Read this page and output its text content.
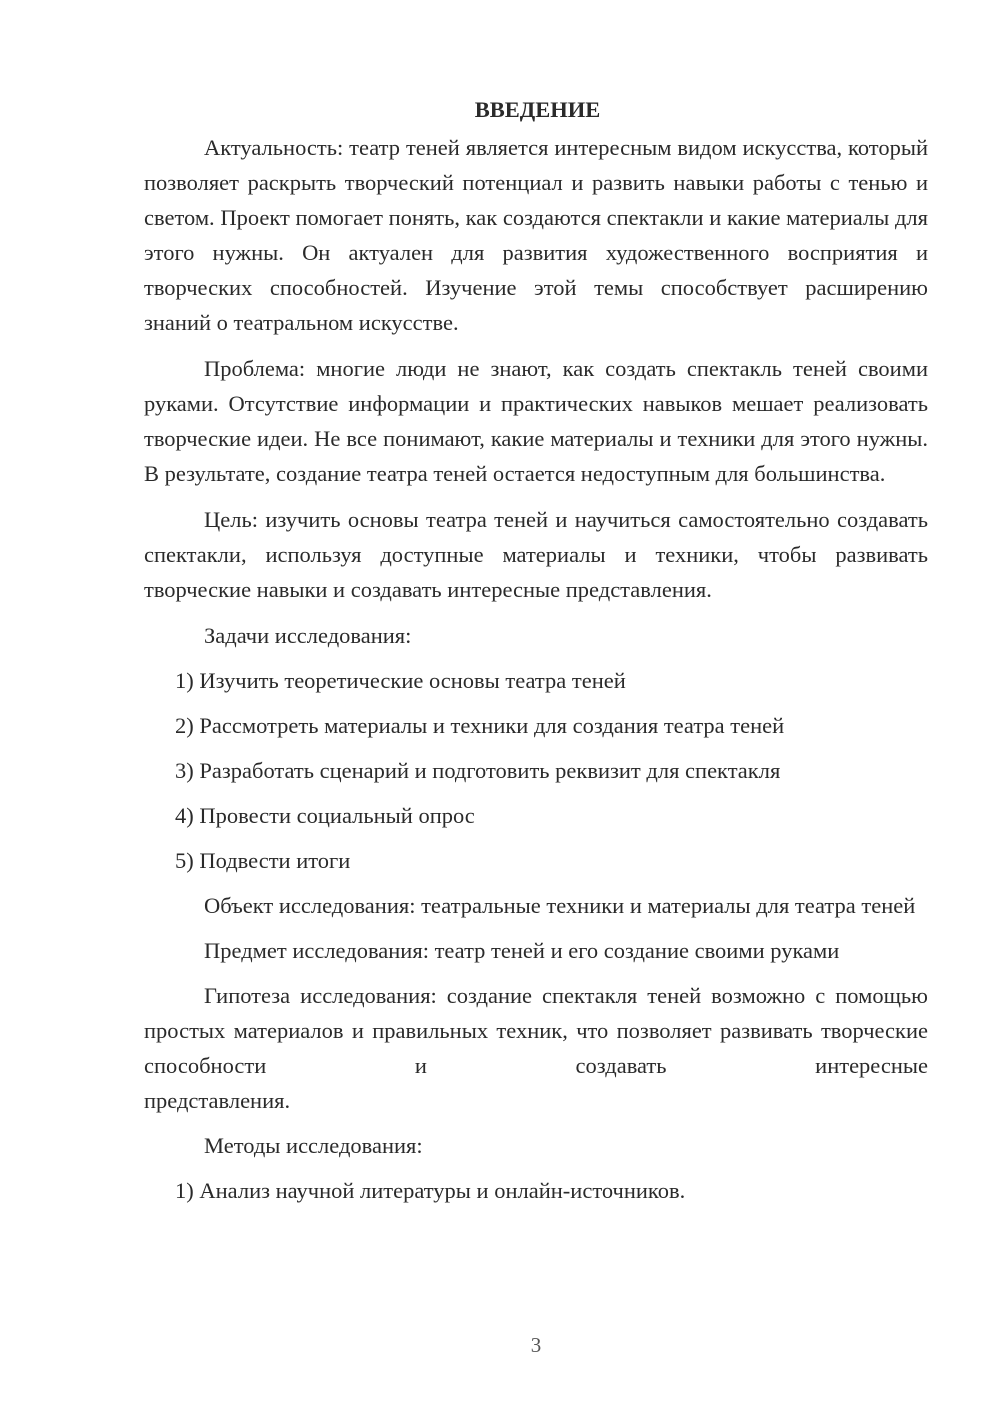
ВВЕДЕНИЕ

Актуальность: театр теней является интересным видом искусства, который позволяет раскрыть творческий потенциал и развить навыки работы с тенью и светом. Проект помогает понять, как создаются спектакли и какие материалы для этого нужны. Он актуален для развития художественного восприятия и творческих способностей. Изучение этой темы способствует расширению знаний о театральном искусстве.

Проблема: многие люди не знают, как создать спектакль теней своими руками. Отсутствие информации и практических навыков мешает реализовать творческие идеи. Не все понимают, какие материалы и техники для этого нужны. В результате, создание театра теней остается недоступным для большинства.

Цель: изучить основы театра теней и научиться самостоятельно создавать спектакли, используя доступные материалы и техники, чтобы развивать творческие навыки и создавать интересные представления.

Задачи исследования:

1) Изучить теоретические основы театра теней

2) Рассмотреть материалы и техники для создания театра теней

3) Разработать сценарий и подготовить реквизит для спектакля

4) Провести социальный опрос

5) Подвести итоги

Объект исследования: театральные техники и материалы для театра теней

Предмет исследования: театр теней и его создание своими руками

Гипотеза исследования: создание спектакля теней возможно с помощью простых материалов и правильных техник, что позволяет развивать творческие способности и создавать интересные

представления.

Методы исследования:

1) Анализ научной литературы и онлайн-источников.

3
